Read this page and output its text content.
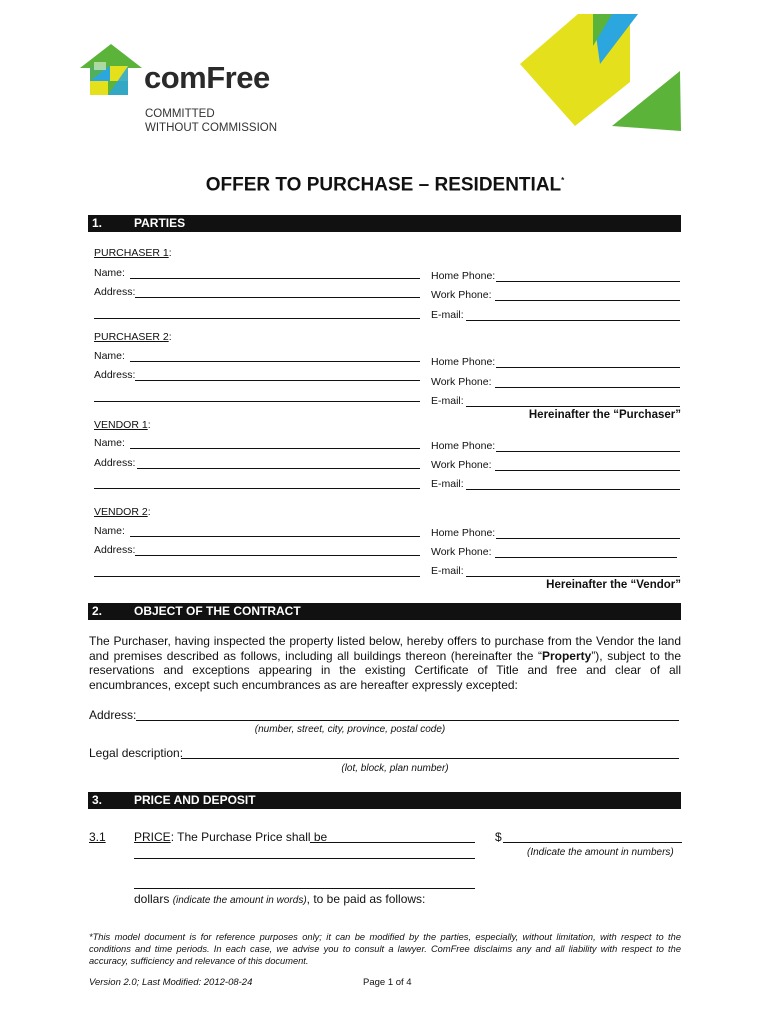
comFree
COMMITTED
WITHOUT COMMISSION
OFFER TO PURCHASE – RESIDENTIAL*
1.	PARTIES
PURCHASER 1:
Name:
Address:
Home Phone:
Work Phone:
E-mail:
PURCHASER 2:
Name:
Address:
Home Phone:
Work Phone:
E-mail:
Hereinafter the “Purchaser”
VENDOR 1:
Name:
Address:
Home Phone:
Work Phone:
E-mail:
VENDOR 2:
Name:
Address:
Home Phone:
Work Phone:
E-mail:
Hereinafter the “Vendor”
2.	OBJECT OF THE CONTRACT
The Purchaser, having inspected the property listed below, hereby offers to purchase from the Vendor the land and premises described as follows, including all buildings thereon (hereinafter the “Property”), subject to the reservations and exceptions appearing in the existing Certificate of Title and free and clear of all encumbrances, except such encumbrances as are hereafter expressly excepted:
Address:
(number, street, city, province, postal code)
Legal description:
(lot, block, plan number)
3.	PRICE AND DEPOSIT
3.1 PRICE: The Purchase Price shall be	$
(Indicate the amount in numbers)
dollars (indicate the amount in words), to be paid as follows:
*This model document is for reference purposes only; it can be modified by the parties, especially, without limitation, with respect to the conditions and time periods. In each case, we advise you to consult a lawyer. ComFree disclaims any and all liability with respect to the accuracy, sufficiency and relevance of this document.
Version 2.0; Last Modified: 2012-08-24	Page 1 of 4
